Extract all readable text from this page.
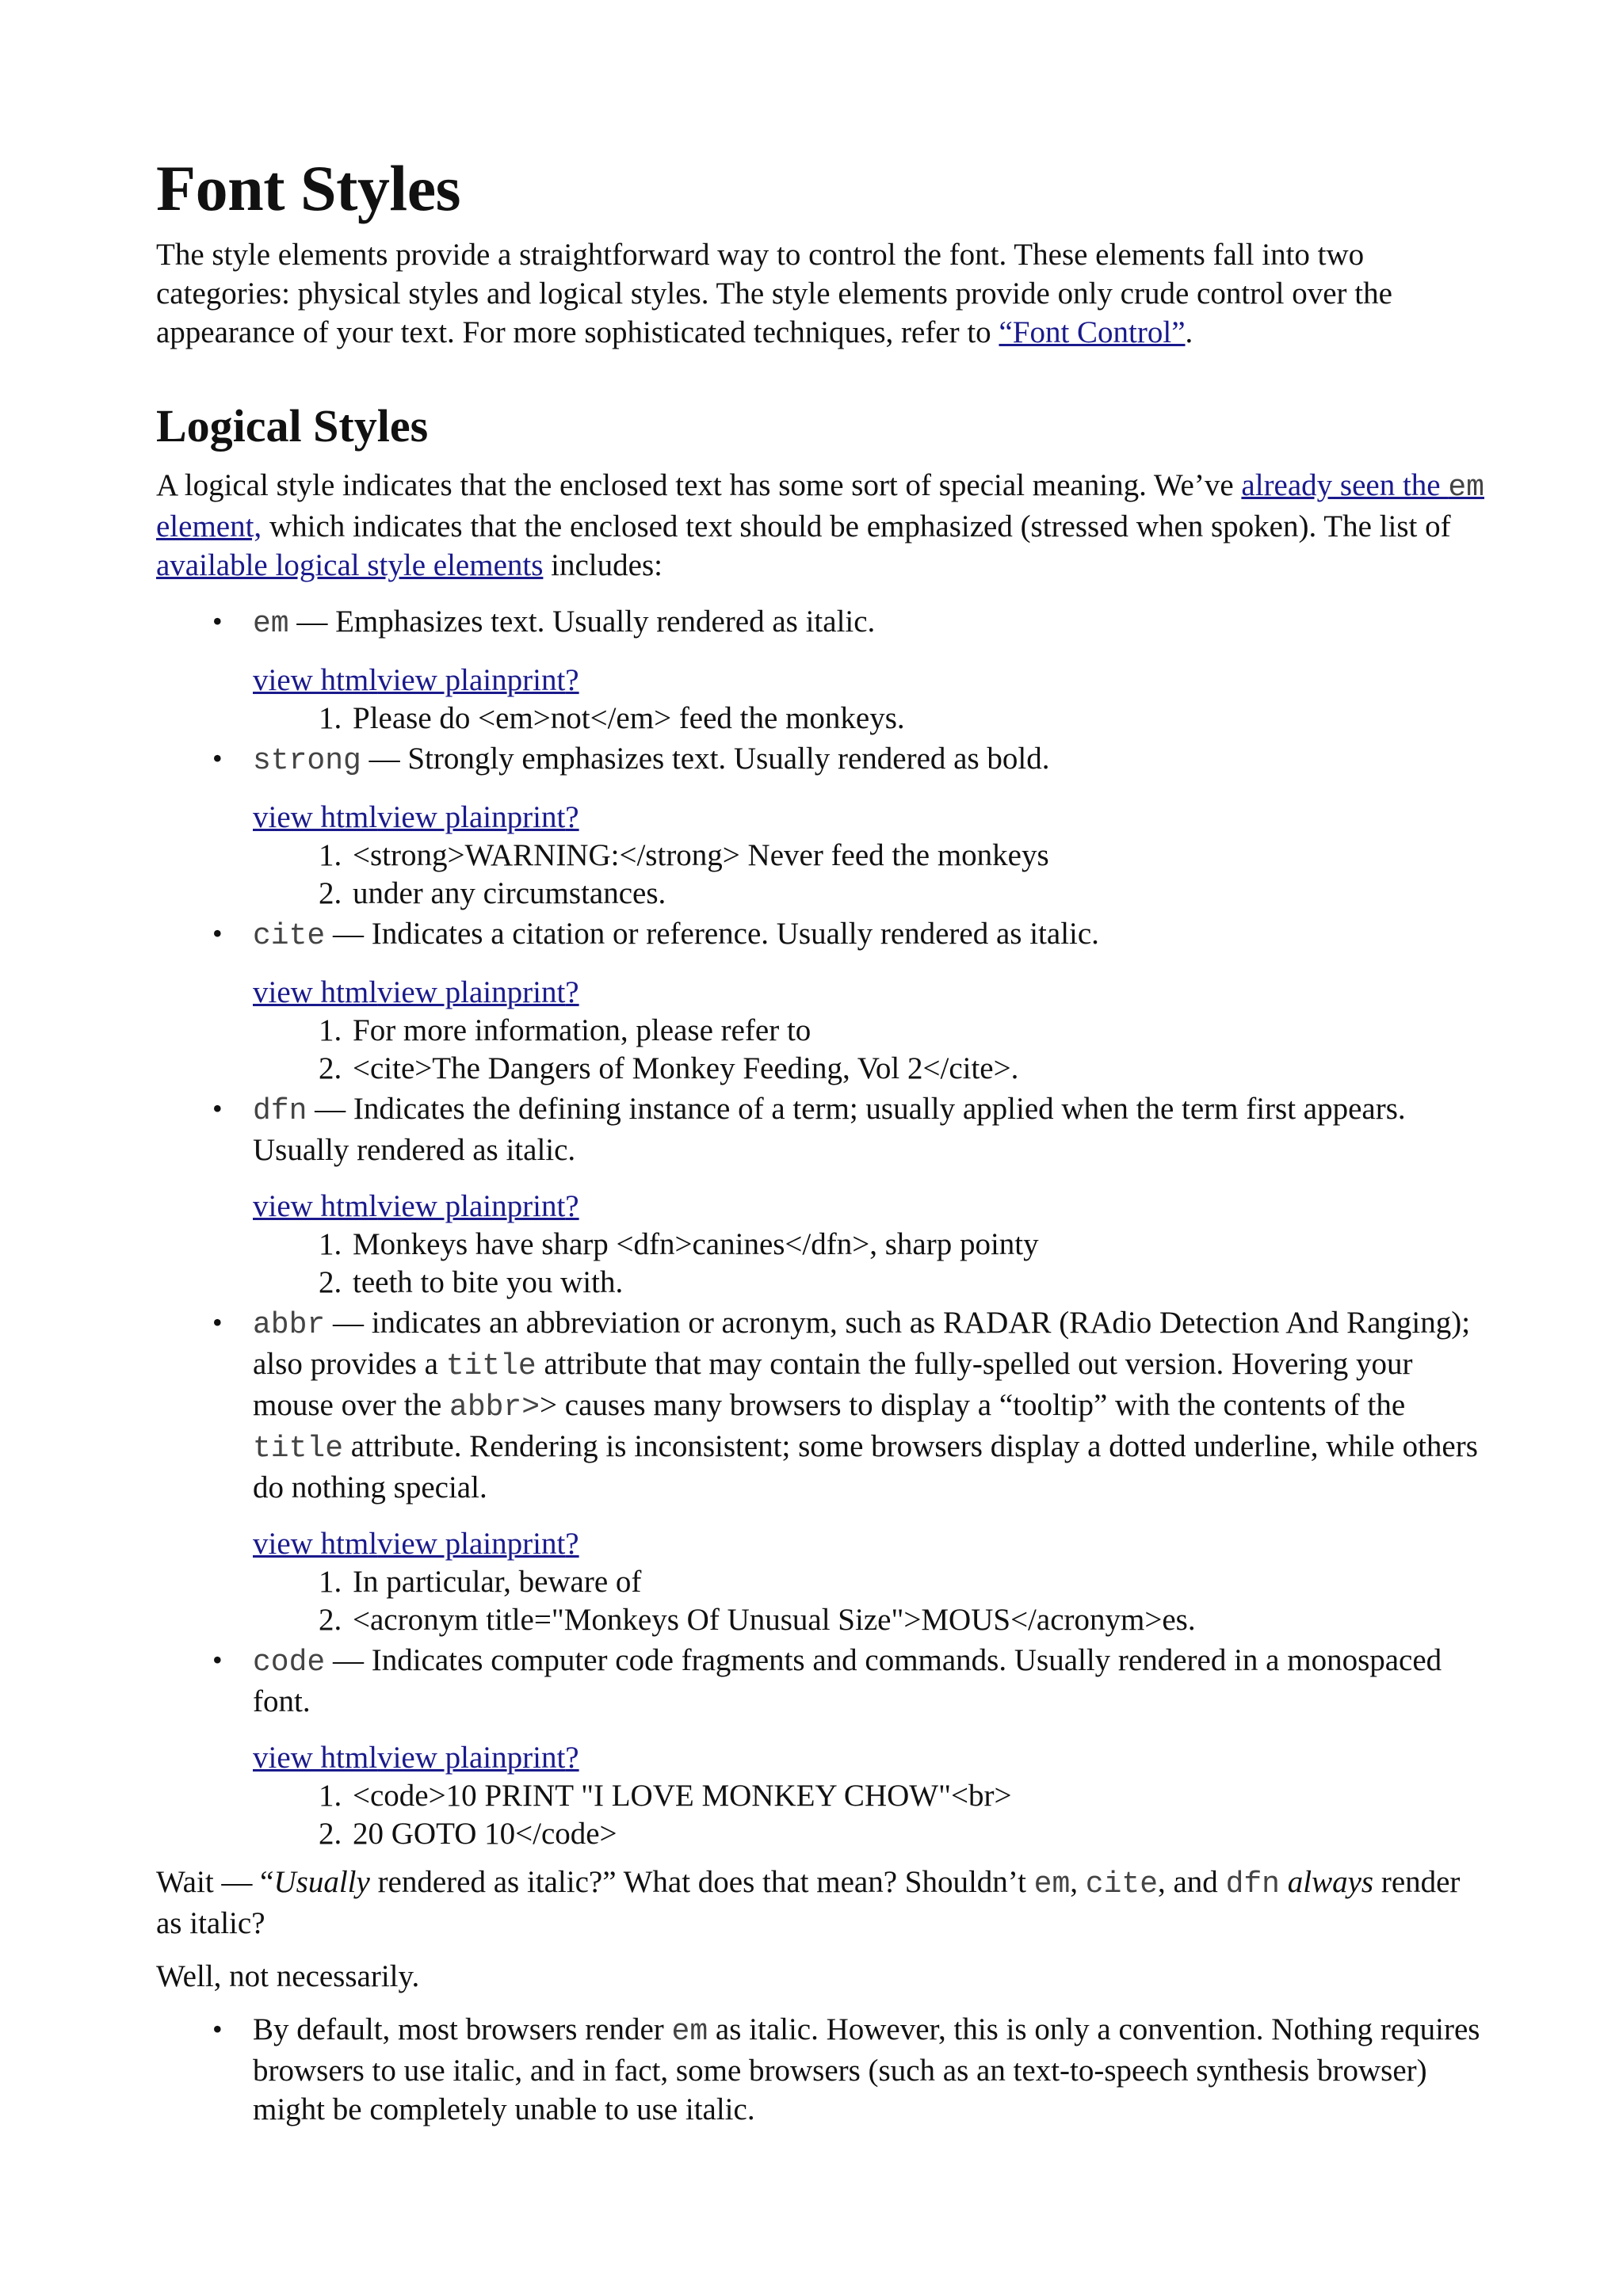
Font Styles

The style elements provide a straightforward way to control the font. These elements fall into two categories: physical styles and logical styles. The style elements provide only crude control over the appearance of your text. For more sophisticated techniques, refer to “Font Control”.

Logical Styles

A logical style indicates that the enclosed text has some sort of special meaning. We’ve already seen the em element, which indicates that the enclosed text should be emphasized (stressed when spoken). The list of available logical style elements includes:

• em — Emphasizes text. Usually rendered as italic.
view htmlview plainprint?
1. Please do <em>not</em> feed the monkeys.
• strong — Strongly emphasizes text. Usually rendered as bold.
view htmlview plainprint?
1. <strong>WARNING:</strong> Never feed the monkeys
2. under any circumstances.
• cite — Indicates a citation or reference. Usually rendered as italic.
view htmlview plainprint?
1. For more information, please refer to
2. <cite>The Dangers of Monkey Feeding, Vol 2</cite>.
• dfn — Indicates the defining instance of a term; usually applied when the term first appears. Usually rendered as italic.
view htmlview plainprint?
1. Monkeys have sharp <dfn>canines</dfn>, sharp pointy
2. teeth to bite you with.
• abbr — indicates an abbreviation or acronym, such as RADAR (RAdio Detection And Ranging); also provides a title attribute that may contain the fully-spelled out version. Hovering your mouse over the abbr>> causes many browsers to display a “tooltip” with the contents of the title attribute. Rendering is inconsistent; some browsers display a dotted underline, while others do nothing special.
view htmlview plainprint?
1. In particular, beware of
2. <acronym title="Monkeys Of Unusual Size">MOUS</acronym>es.
• code — Indicates computer code fragments and commands. Usually rendered in a monospaced font.
view htmlview plainprint?
1. <code>10 PRINT "I LOVE MONKEY CHOW"<br>
2. 20 GOTO 10</code>

Wait — “Usually rendered as italic?” What does that mean? Shouldn’t em, cite, and dfn always render as italic?

Well, not necessarily.

• By default, most browsers render em as italic. However, this is only a convention. Nothing requires browsers to use italic, and in fact, some browsers (such as an text-to-speech synthesis browser) might be completely unable to use italic.
